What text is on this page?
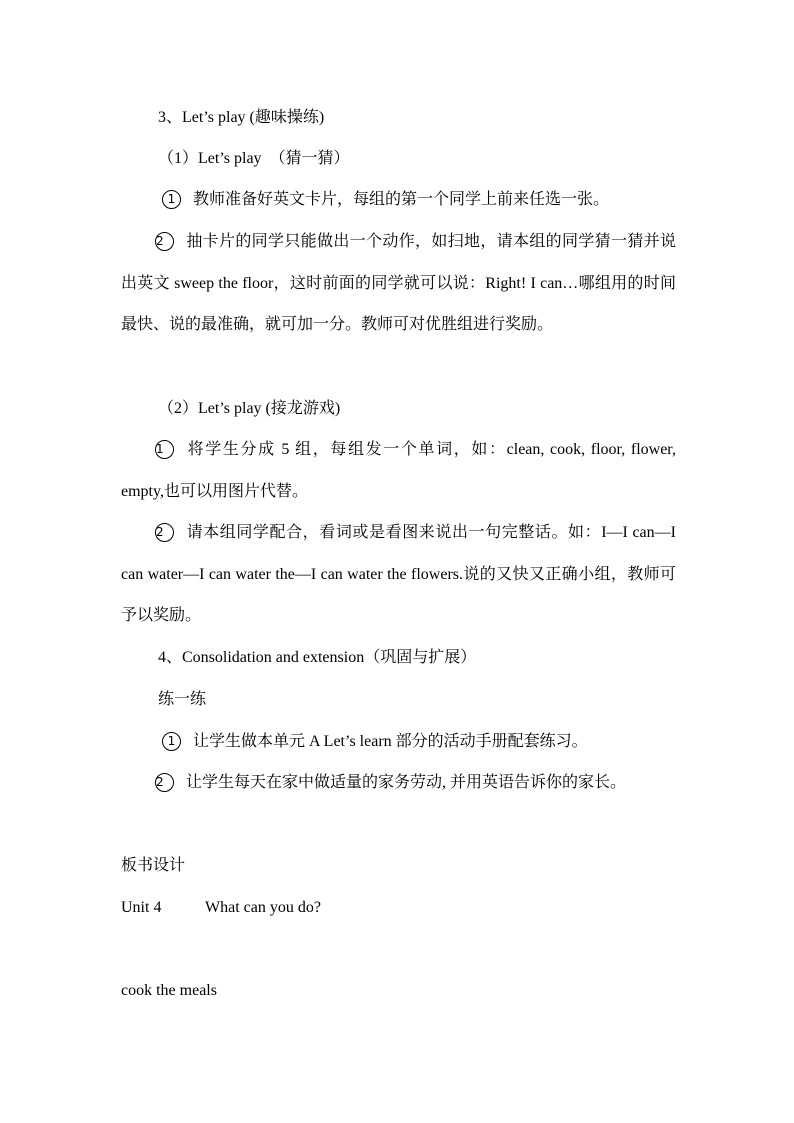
3、Let’s play (趣味操练)
（1）Let’s play　（猜一猜）
1 教师准备好英文卡片，每组的第一个同学上前来任选一张。
2 抽卡片的同学只能做出一个动作，如扫地，请本组的同学猜一猜并说出英文 sweep the floor，这时前面的同学就可以说：Right! I can…哪组用的时间最快、说的最准确，就可加一分。教师可对优胜组进行奖励。
（2）Let’s play (接龙游戏)
1 将学生分成 5 组，每组发一个单词，如：clean, cook, floor, flower, empty,也可以用图片代替。
2 请本组同学配合，看词或是看图来说出一句完整话。如：I—I can—I can water—I can water the—I can water the flowers.说的又快又正确小组，教师可予以奖励。
4、Consolidation and extension（巩固与扩展）
练一练
1 让学生做本单元 A Let’s learn 部分的活动手册配套练习。
2 让学生每天在家中做适量的家务劳动, 并用英语告诉你的家长。
板书设计
Unit 4	What can you do?
cook the meals
